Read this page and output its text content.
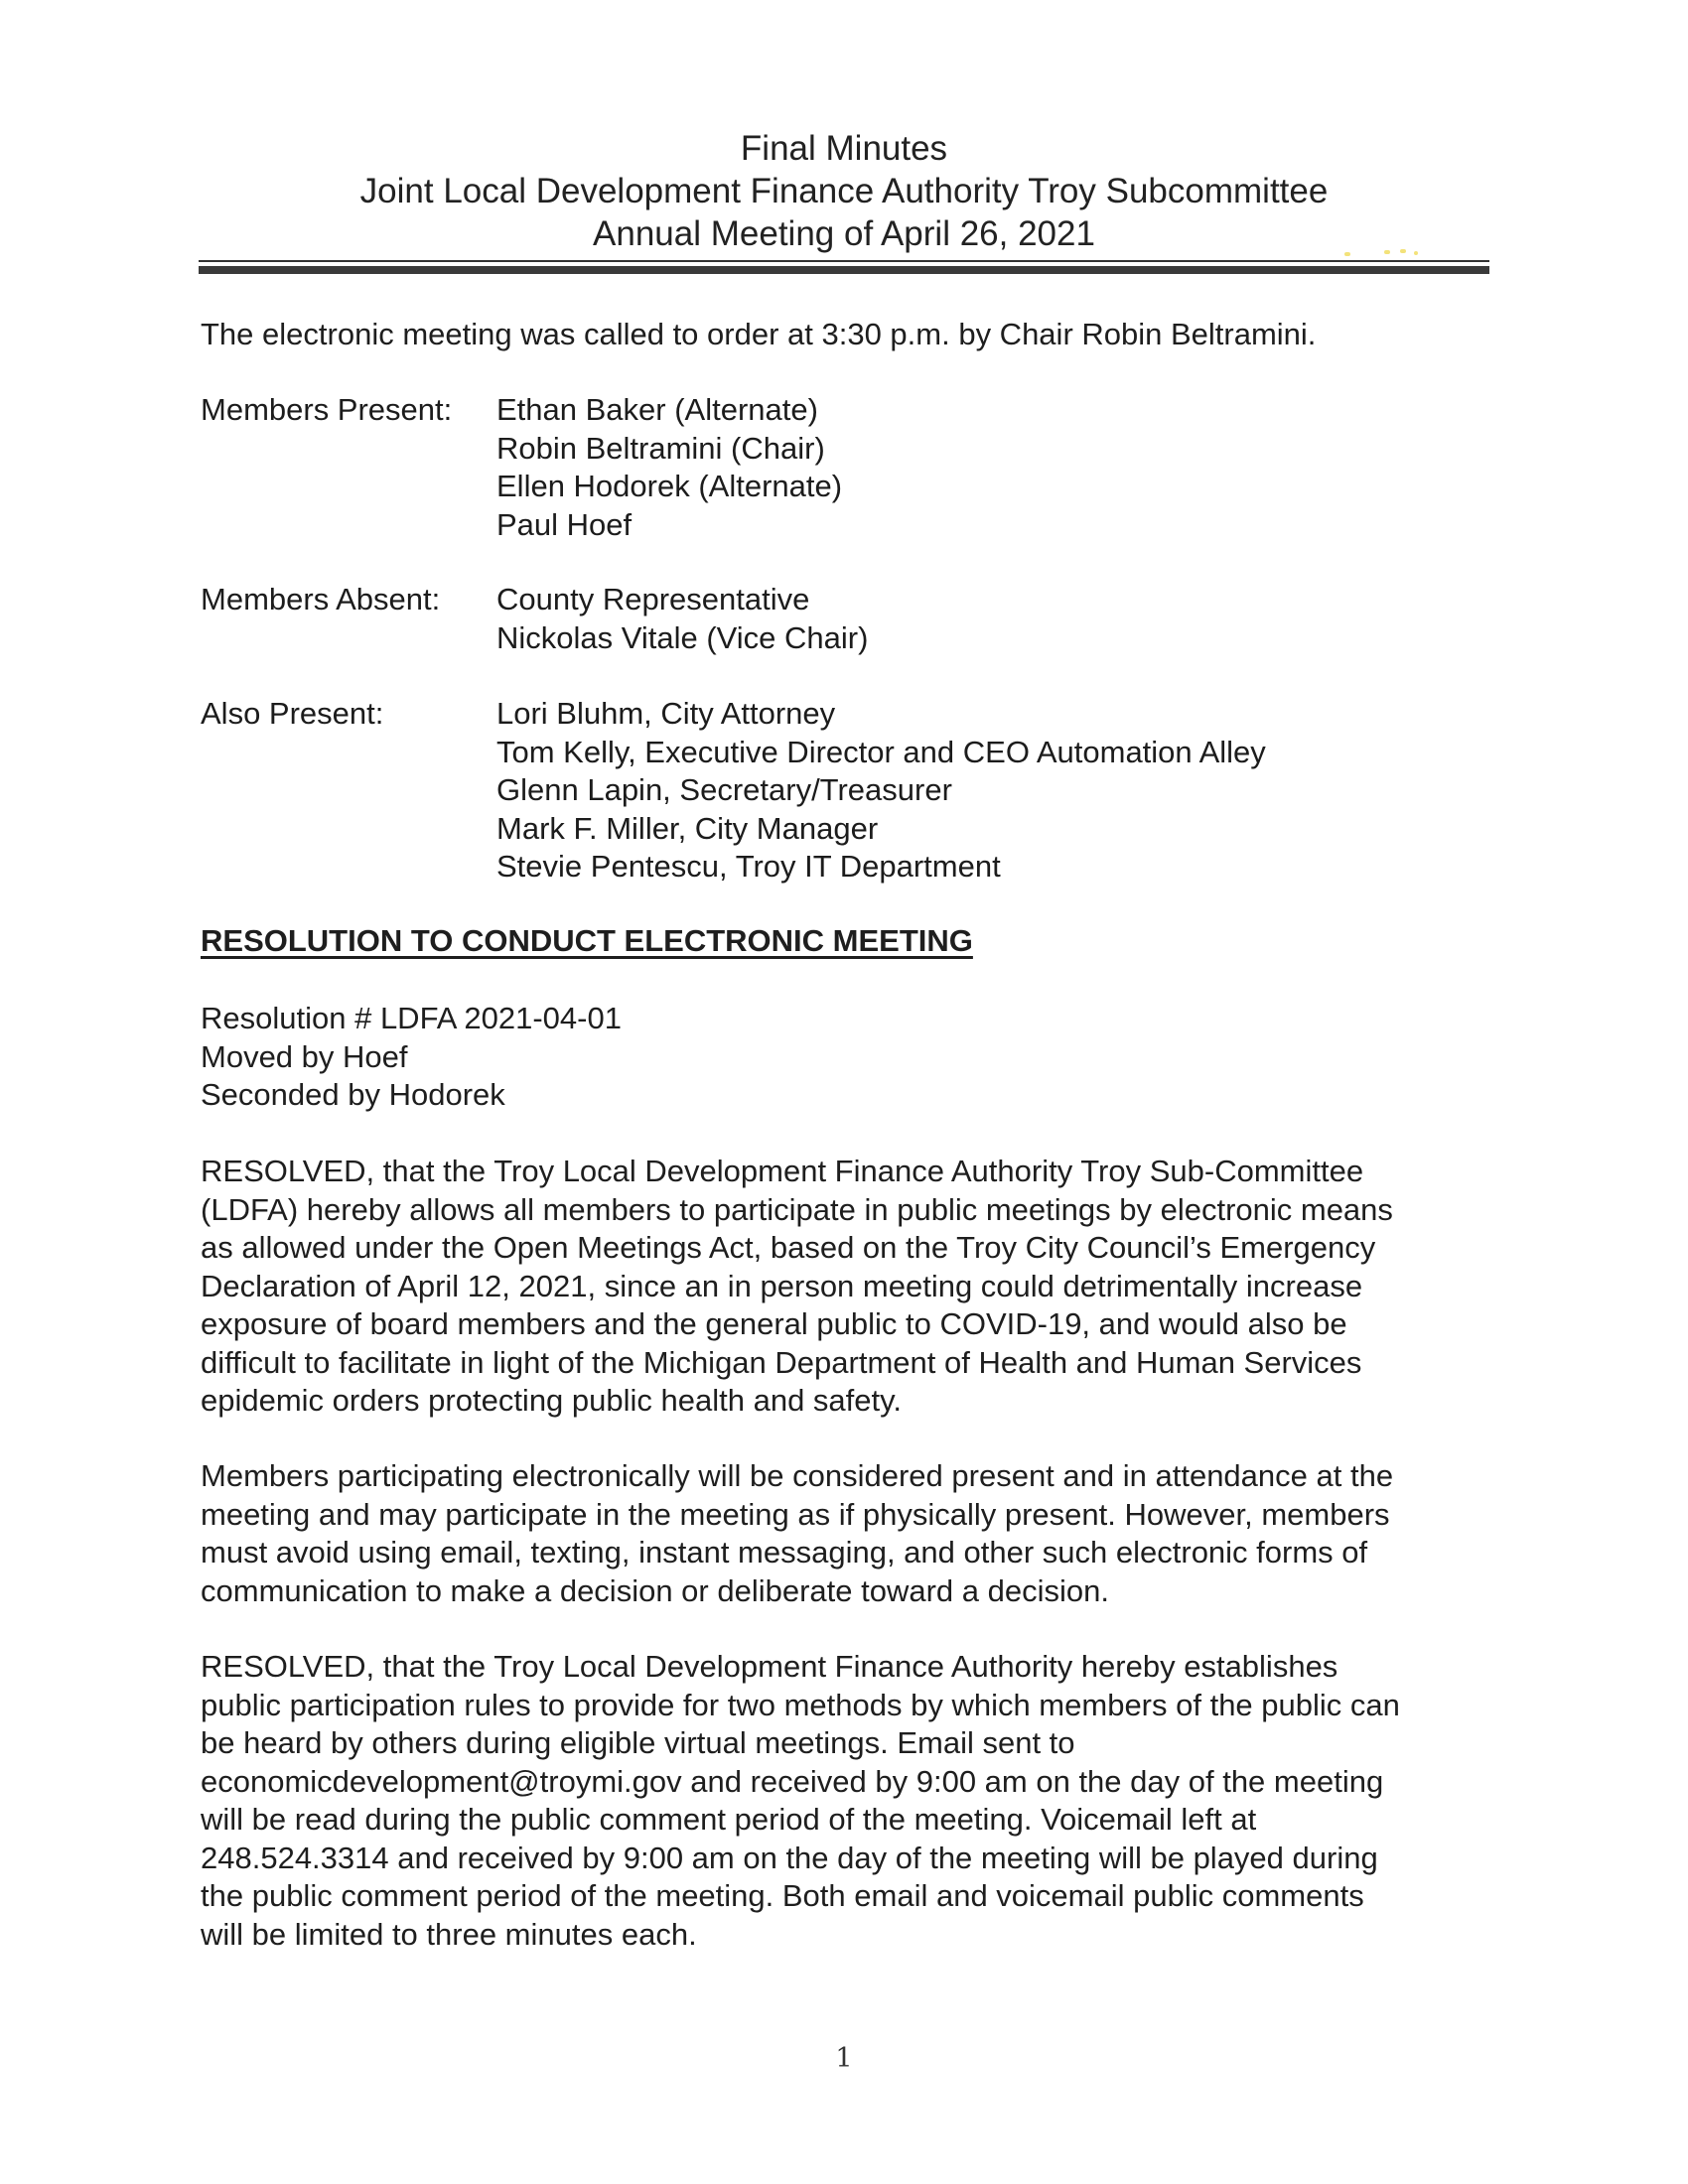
Final Minutes
Joint Local Development Finance Authority Troy Subcommittee
Annual Meeting of April 26, 2021
The electronic meeting was called to order at 3:30 p.m. by Chair Robin Beltramini.
Members Present: Ethan Baker (Alternate)
Robin Beltramini (Chair)
Ellen Hodorek (Alternate)
Paul Hoef
Members Absent: County Representative
Nickolas Vitale (Vice Chair)
Also Present:	Lori Bluhm, City Attorney
Tom Kelly, Executive Director and CEO Automation Alley
Glenn Lapin, Secretary/Treasurer
Mark F. Miller, City Manager
Stevie Pentescu, Troy IT Department
RESOLUTION TO CONDUCT ELECTRONIC MEETING
Resolution # LDFA 2021-04-01
Moved by Hoef
Seconded by Hodorek
RESOLVED, that the Troy Local Development Finance Authority Troy Sub-Committee
(LDFA) hereby allows all members to participate in public meetings by electronic means
as allowed under the Open Meetings Act, based on the Troy City Council’s Emergency
Declaration of April 12, 2021, since an in person meeting could detrimentally increase
exposure of board members and the general public to COVID-19, and would also be
difficult to facilitate in light of the Michigan Department of Health and Human Services
epidemic orders protecting public health and safety.
Members participating electronically will be considered present and in attendance at the
meeting and may participate in the meeting as if physically present. However, members
must avoid using email, texting, instant messaging, and other such electronic forms of
communication to make a decision or deliberate toward a decision.
RESOLVED, that the Troy Local Development Finance Authority hereby establishes
public participation rules to provide for two methods by which members of the public can
be heard by others during eligible virtual meetings. Email sent to
economicdevelopment@troymi.gov and received by 9:00 am on the day of the meeting
will be read during the public comment period of the meeting. Voicemail left at
248.524.3314 and received by 9:00 am on the day of the meeting will be played during
the public comment period of the meeting. Both email and voicemail public comments
will be limited to three minutes each.
1
